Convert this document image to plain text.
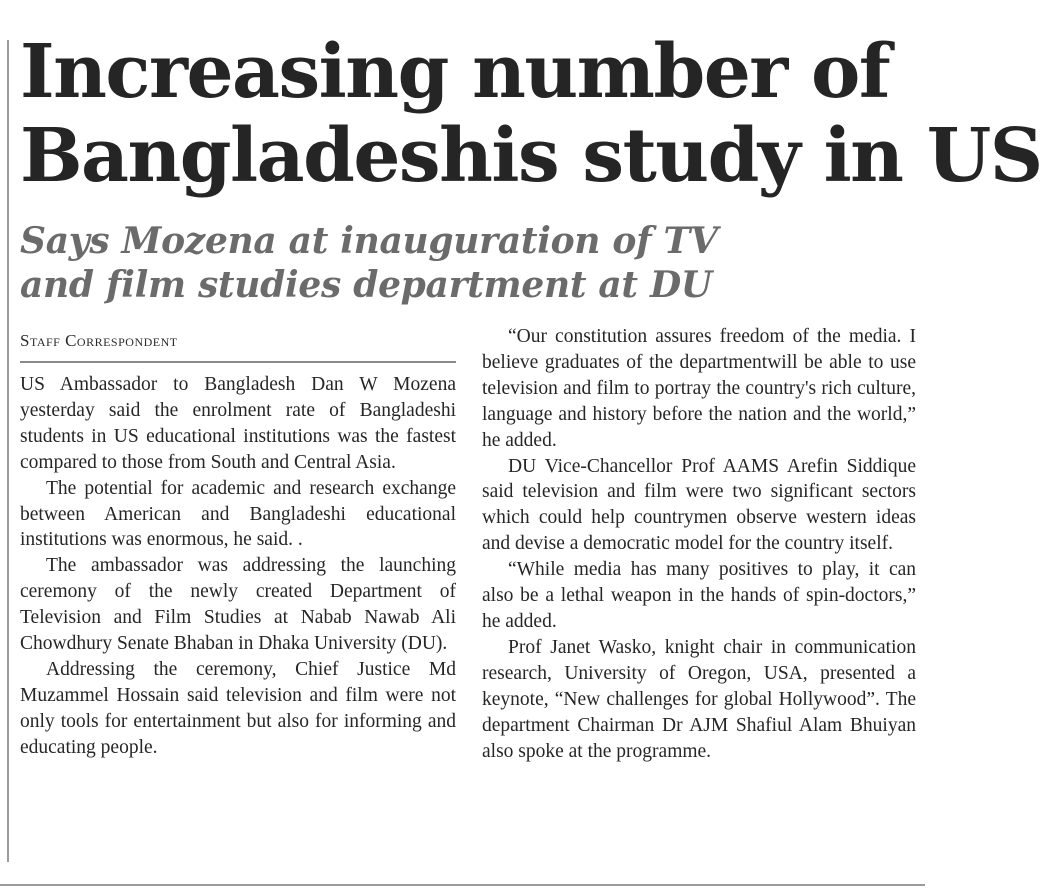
Increasing number of
Bangladeshis study in US
Says Mozena at inauguration of TV
and film studies department at DU
Staff Correspondent

US Ambassador to Bangladesh Dan W Mozena yesterday said the enrolment rate of Bangladeshi students in US educational institutions was the fastest compared to those from South and Central Asia.

The potential for academic and research exchange between American and Bangladeshi educational institutions was enormous, he said. .

The ambassador was addressing the launching ceremony of the newly created Department of Television and Film Studies at Nabab Nawab Ali Chowdhury Senate Bhaban in Dhaka University (DU).

Addressing the ceremony, Chief Justice Md Muzammel Hossain said television and film were not only tools for entertainment but also for informing and educating people.

“Our constitution assures freedom of the media. I believe graduates of the departmentwill be able to use television and film to portray the country's rich culture, language and history before the nation and the world,” he added.

DU Vice-Chancellor Prof AAMS Arefin Siddique said television and film were two significant sectors which could help countrymen observe western ideas and devise a democratic model for the country itself.

“While media has many positives to play, it can also be a lethal weapon in the hands of spin-doctors,” he added.

Prof Janet Wasko, knight chair in communication research, University of Oregon, USA, presented a keynote, “New challenges for global Hollywood”. The department Chairman Dr AJM Shafiul Alam Bhuiyan also spoke at the programme.
